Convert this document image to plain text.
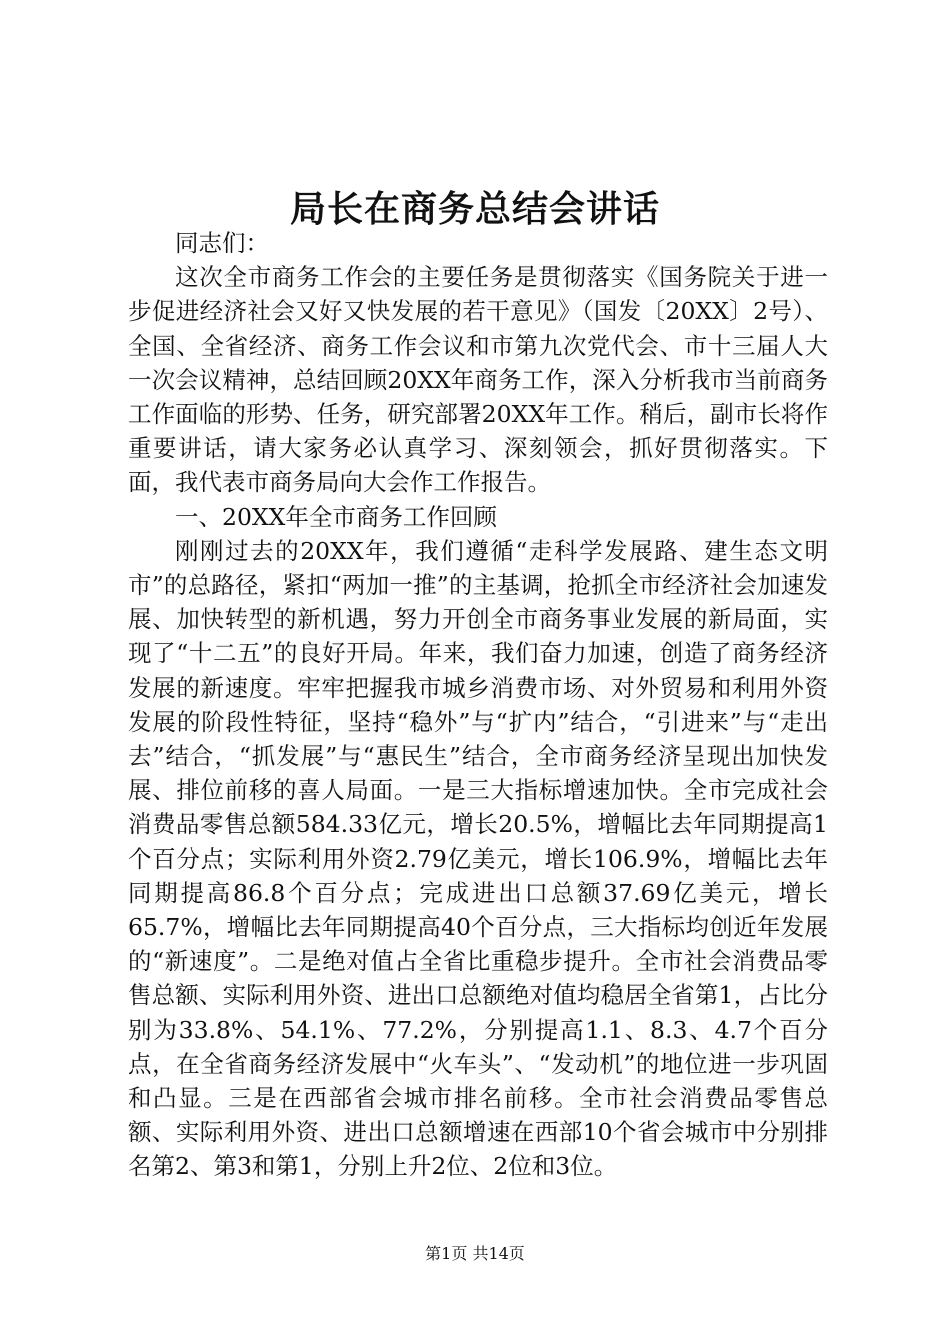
局长在商务总结会讲话

同志们：

这次全市商务工作会的主要任务是贯彻落实《国务院关于进一步促进经济社会又好又快发展的若干意见》（国发〔20XX〕2号）、全国、全省经济、商务工作会议和市第九次党代会、市十三届人大一次会议精神，总结回顾20XX年商务工作，深入分析我市当前商务工作面临的形势、任务，研究部署20XX年工作。稍后，副市长将作重要讲话，请大家务必认真学习、深刻领会，抓好贯彻落实。下面，我代表市商务局向大会作工作报告。

一、20XX年全市商务工作回顾

刚刚过去的20XX年，我们遵循“走科学发展路、建生态文明市”的总路径，紧扣“两加一推”的主基调，抢抓全市经济社会加速发展、加快转型的新机遇，努力开创全市商务事业发展的新局面，实现了“十二五”的良好开局。年来，我们奋力加速，创造了商务经济发展的新速度。牢牢把握我市城乡消费市场、对外贸易和利用外资发展的阶段性特征，坚持“稳外”与“扩内”结合，“引进来”与“走出去”结合，“抓发展”与“惠民生”结合，全市商务经济呈现出加快发展、排位前移的喜人局面。一是三大指标增速加快。全市完成社会消费品零售总额584.33亿元，增长20.5%，增幅比去年同期提高1个百分点；实际利用外资2.79亿美元，增长106.9%，增幅比去年同期提高86.8个百分点；完成进出口总额37.69亿美元，增长65.7%，增幅比去年同期提高40个百分点，三大指标均创近年发展的“新速度”。二是绝对值占全省比重稳步提升。全市社会消费品零售总额、实际利用外资、进出口总额绝对值均稳居全省第1，占比分别为33.8%、54.1%、77.2%，分别提高1.1、8.3、4.7个百分点，在全省商务经济发展中“火车头”、“发动机”的地位进一步巩固和凸显。三是在西部省会城市排名前移。全市社会消费品零售总额、实际利用外资、进出口总额增速在西部10个省会城市中分别排名第2、第3和第1，分别上升2位、2位和3位。

第1页 共14页
